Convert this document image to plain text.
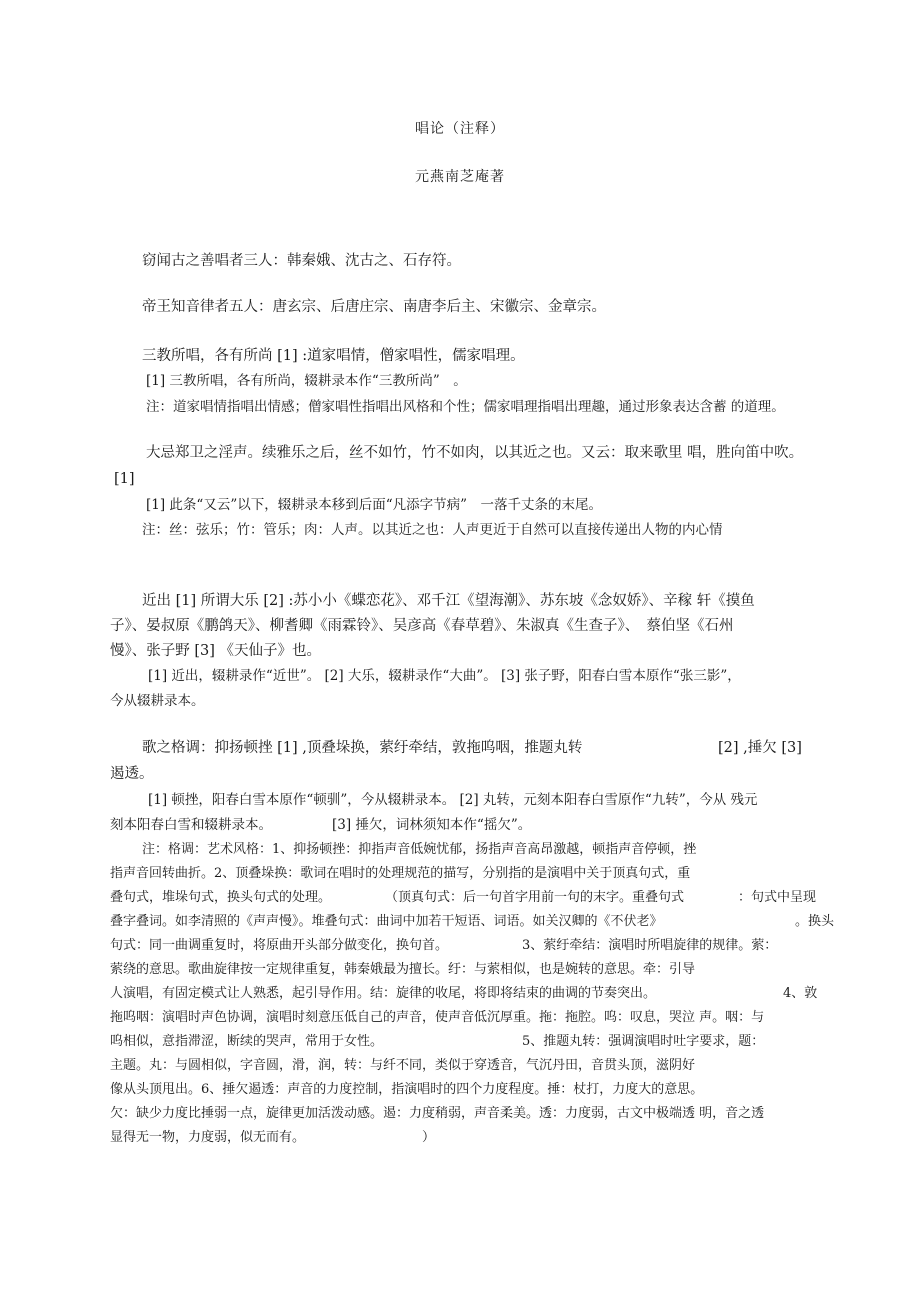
唱论（注释）
元燕南芝庵著
窃闻古之善唱者三人：韩秦娥、沈古之、石存符。
帝王知音律者五人：唐玄宗、后唐庄宗、南唐李后主、宋徽宗、金章宗。
三教所唱，各有所尚 [1] :道家唱情，僧家唱性，儒家唱理。
[1] 三教所唱，各有所尚，辍耕录本作“三教所尚”　。
注：道家唱情指唱出情感；僧家唱性指唱出风格和个性；儒家唱理指唱出理趣，通过形象表达含蓄 的道理。
大忌郑卫之淫声。续雅乐之后，丝不如竹，竹不如肉，以其近之也。又云：取来歌里 唱，胜向笛中吹。
[1]
[1] 此条“又云”以下，辍耕录本移到后面“凡添字节病”　一落千丈条的末尾。
注：丝：弦乐；竹：管乐；肉：人声。以其近之也：人声更近于自然可以直接传递出人物的内心情
近出 [1] 所谓大乐 [2] :苏小小《蝶恋花》、邓千江《望海潮》、苏东坡《念奴娇》、辛稼 轩《摸鱼
子》、晏叔原《鹏鸽天》、柳耆卿《雨霖铃》、吴彦高《春草碧》、朱淑真《生查子》、　蔡伯坚《石州
慢》、张子野 [3] 《天仙子》也。
[1] 近出，辍耕录作“近世”。 [2] 大乐，辍耕录作“大曲”。 [3] 张子野，阳春白雪本原作“张三影”，
今从辍耕录本。
歌之格调：抑扬顿挫 [1] ,顶叠垛换，萦纡牵结，敦拖呜咽，推题丸转	[2] ,捶欠 [3]
遏透。
[1] 顿挫，阳春白雪本原作“顿驯”，今从辍耕录本。 [2] 丸转，元刻本阳春白雪原作“九转”，今从 残元
刻本阳春白雪和辍耕录本。	[3] 捶欠，词林须知本作“摇欠”。
注：格调：艺术风格：1、抑扬顿挫：抑指声音低婉忧郁，扬指声音高昂激越，顿指声音停顿，挫
指声音回转曲折。2、顶叠垛换：歌词在唱时的处理规范的描写，分别指的是演唱中关于顶真句式，重
叠句式，堆垛句式，换头句式的处理。	（顶真句式：后一句首字用前一句的末字。重叠句式	：句式中呈现
叠字叠词。如李清照的《声声慢》。堆叠句式：曲词中加若干短语、词语。如关汉卿的《不伏老》	。换头
句式：同一曲调重复时，将原曲开头部分做变化，换句首。	3、萦纡牵结：演唱时所唱旋律的规律。萦：
萦绕的意思。歌曲旋律按一定规律重复，韩秦娥最为擅长。纡：与萦相似，也是婉转的意思。牵：引导
人演唱，有固定模式让人熟悉，起引导作用。结：旋律的收尾，将即将结束的曲调的节奏突出。	4、敦
拖呜咽：演唱时声色协调，演唱时刻意压低自己的声音，使声音低沉厚重。拖：拖腔。呜：叹息，哭泣 声。咽：与
呜相似，意指滞涩，断续的哭声，常用于女性。	5、推题丸转：强调演唱时吐字要求，题：
主题。丸：与圆相似，字音圆，滑，润，转：与纤不同，类似于穿透音，气沉丹田，音贯头顶，滋阴好
像从头顶甩出。6、捶欠遏透：声音的力度控制，指演唱时的四个力度程度。捶：杖打，力度大的意思。
欠：缺少力度比捶弱一点，旋律更加活泼动感。遏：力度稍弱，声音柔美。透：力度弱，古文中极端透 明，音之透
显得无一物，力度弱，似无而有。	）
